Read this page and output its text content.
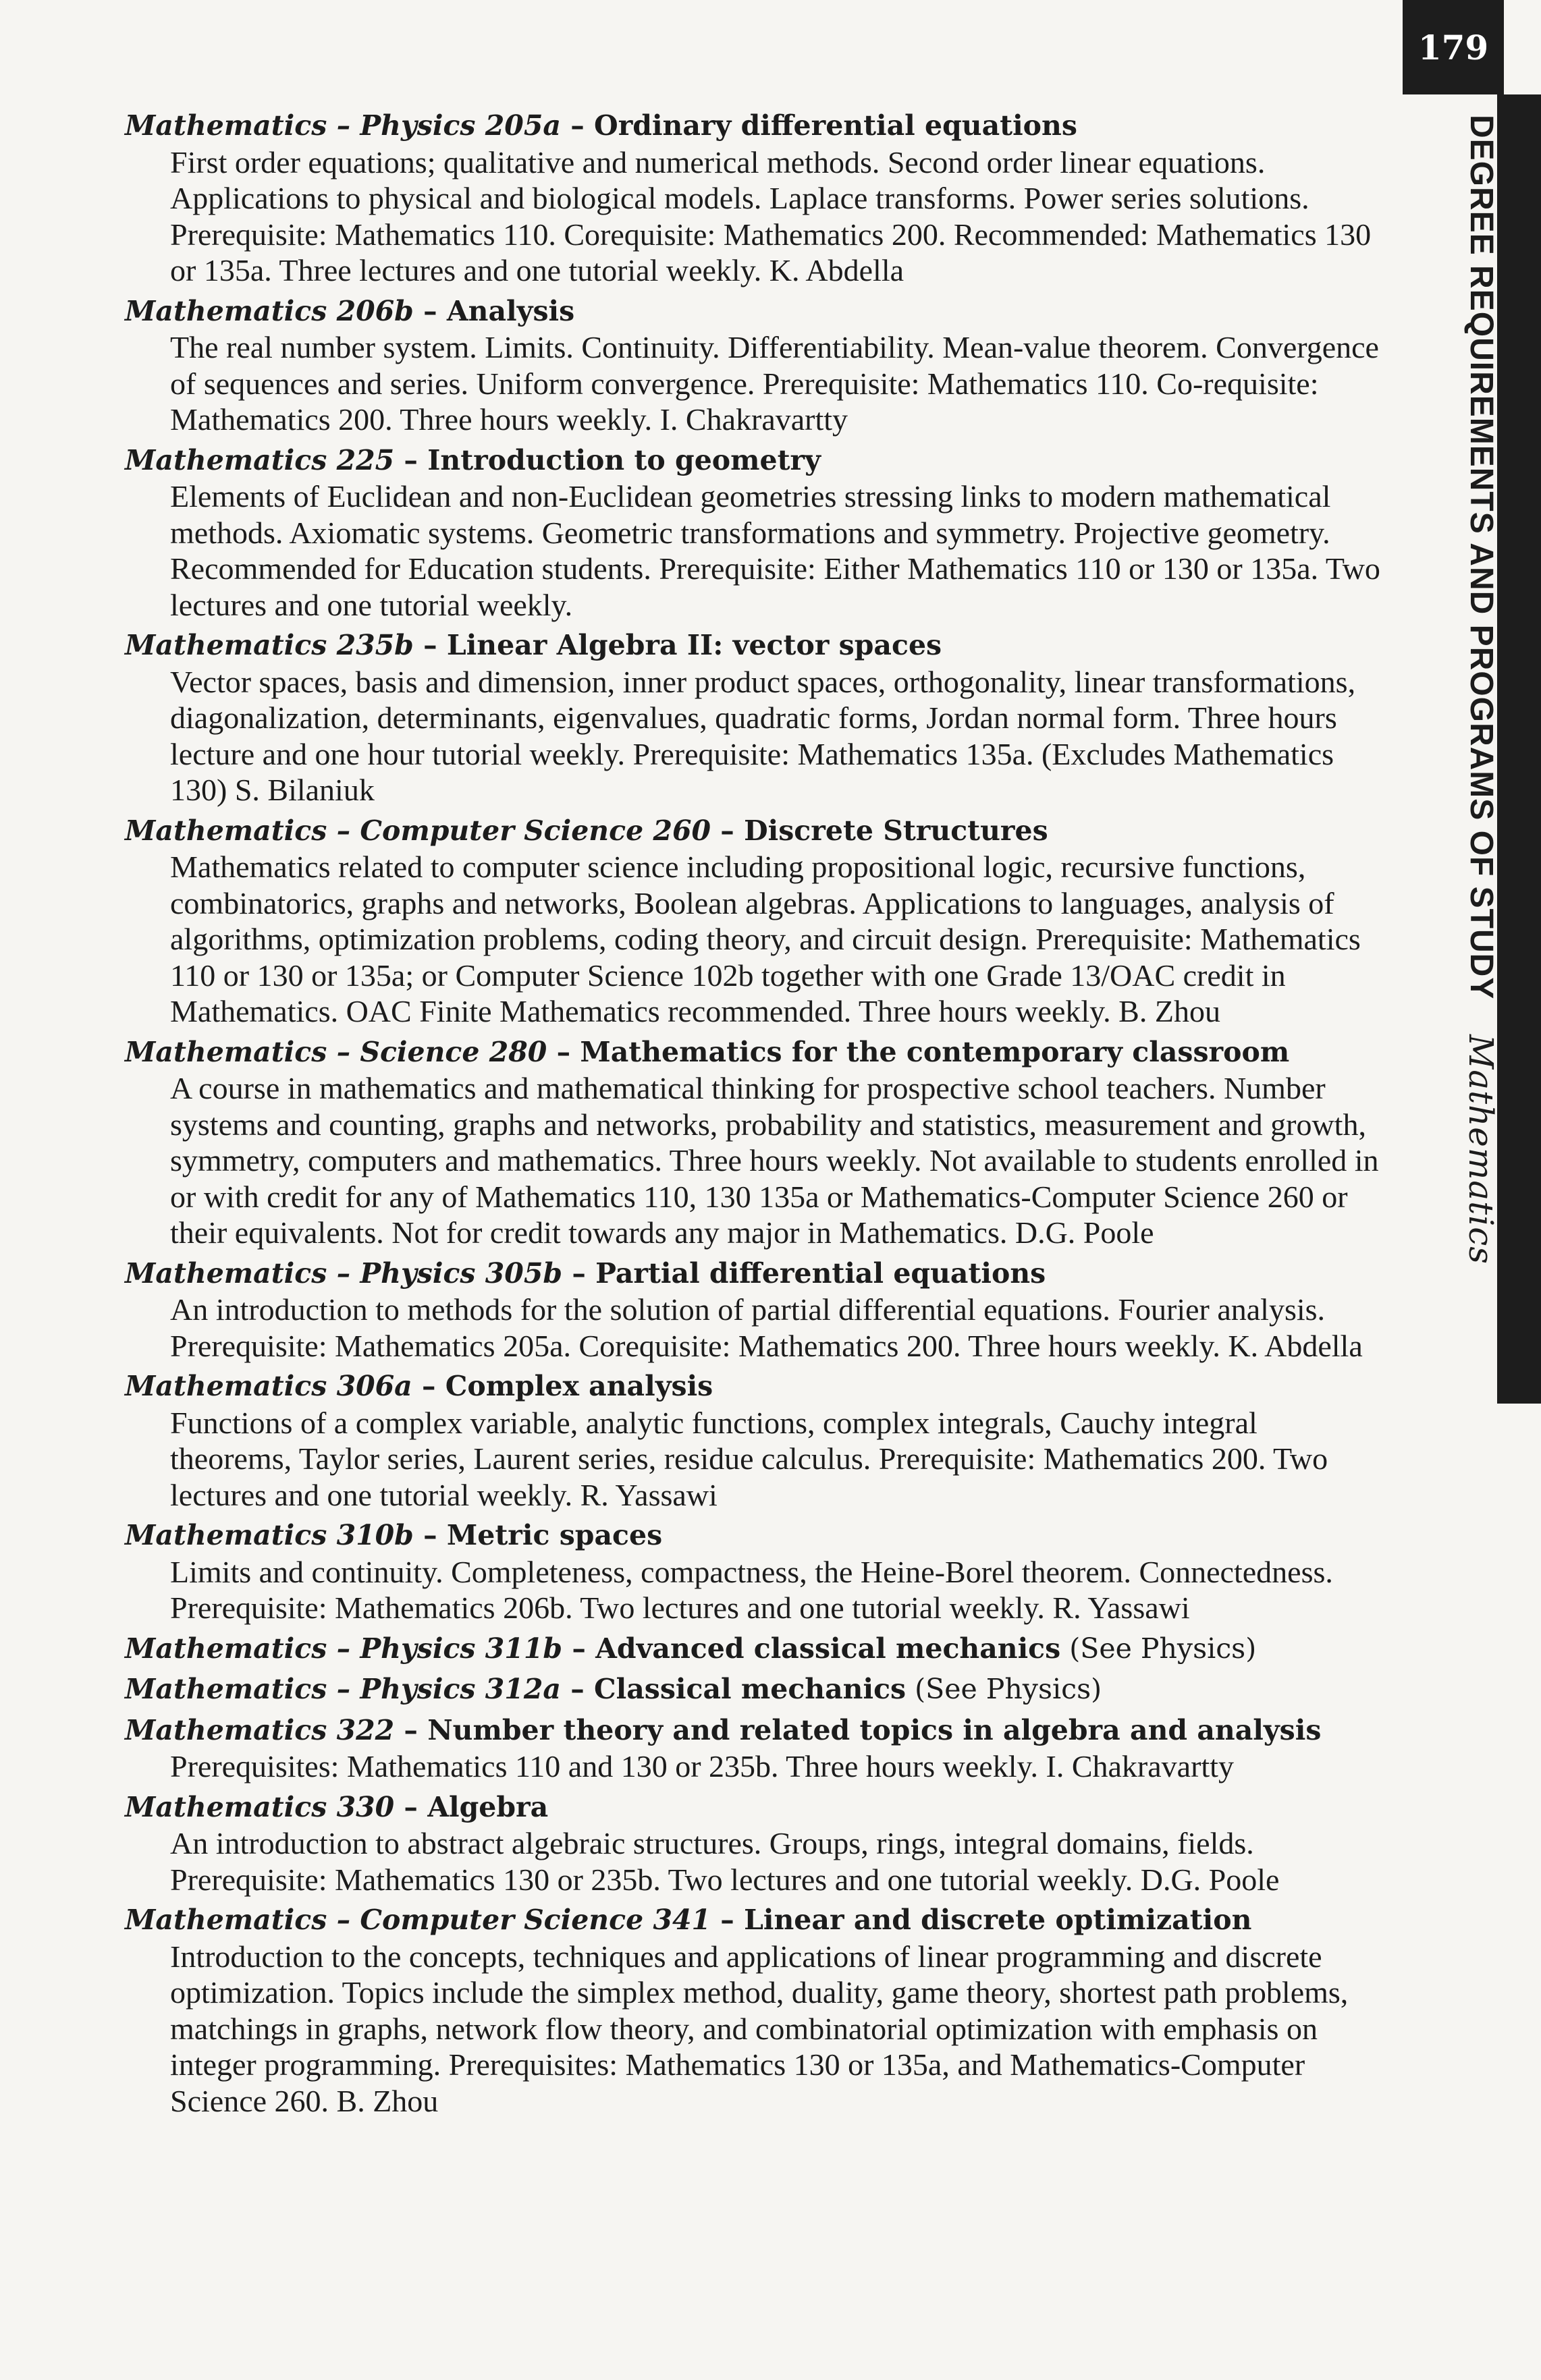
179
DEGREE REQUIREMENTS AND PROGRAMS OF STUDY Mathematics
Mathematics – Physics 205a – Ordinary differential equations
First order equations; qualitative and numerical methods. Second order linear equations. Applications to physical and biological models. Laplace transforms. Power series solutions. Prerequisite: Mathematics 110. Corequisite: Mathematics 200. Recommended: Mathematics 130 or 135a. Three lectures and one tutorial weekly. K. Abdella
Mathematics 206b – Analysis
The real number system. Limits. Continuity. Differentiability. Mean-value theorem. Convergence of sequences and series. Uniform convergence. Prerequisite: Mathematics 110. Co-requisite: Mathematics 200. Three hours weekly. I. Chakravartty
Mathematics 225 – Introduction to geometry
Elements of Euclidean and non-Euclidean geometries stressing links to modern mathematical methods. Axiomatic systems. Geometric transformations and symmetry. Projective geometry. Recommended for Education students. Prerequisite: Either Mathematics 110 or 130 or 135a. Two lectures and one tutorial weekly.
Mathematics 235b – Linear Algebra II: vector spaces
Vector spaces, basis and dimension, inner product spaces, orthogonality, linear transformations, diagonalization, determinants, eigenvalues, quadratic forms, Jordan normal form. Three hours lecture and one hour tutorial weekly. Prerequisite: Mathematics 135a. (Excludes Mathematics 130) S. Bilaniuk
Mathematics – Computer Science 260 – Discrete Structures
Mathematics related to computer science including propositional logic, recursive functions, combinatorics, graphs and networks, Boolean algebras. Applications to languages, analysis of algorithms, optimization problems, coding theory, and circuit design. Prerequisite: Mathematics 110 or 130 or 135a; or Computer Science 102b together with one Grade 13/OAC credit in Mathematics. OAC Finite Mathematics recommended. Three hours weekly. B. Zhou
Mathematics – Science 280 – Mathematics for the contemporary classroom
A course in mathematics and mathematical thinking for prospective school teachers. Number systems and counting, graphs and networks, probability and statistics, measurement and growth, symmetry, computers and mathematics. Three hours weekly. Not available to students enrolled in or with credit for any of Mathematics 110, 130 135a or Mathematics-Computer Science 260 or their equivalents. Not for credit towards any major in Mathematics. D.G. Poole
Mathematics – Physics 305b – Partial differential equations
An introduction to methods for the solution of partial differential equations. Fourier analysis. Prerequisite: Mathematics 205a. Corequisite: Mathematics 200. Three hours weekly. K. Abdella
Mathematics 306a – Complex analysis
Functions of a complex variable, analytic functions, complex integrals, Cauchy integral theorems, Taylor series, Laurent series, residue calculus. Prerequisite: Mathematics 200. Two lectures and one tutorial weekly. R. Yassawi
Mathematics 310b – Metric spaces
Limits and continuity. Completeness, compactness, the Heine-Borel theorem. Connectedness. Prerequisite: Mathematics 206b. Two lectures and one tutorial weekly. R. Yassawi
Mathematics – Physics 311b – Advanced classical mechanics (See Physics)
Mathematics – Physics 312a – Classical mechanics (See Physics)
Mathematics 322 – Number theory and related topics in algebra and analysis
Prerequisites: Mathematics 110 and 130 or 235b. Three hours weekly. I. Chakravartty
Mathematics 330 – Algebra
An introduction to abstract algebraic structures. Groups, rings, integral domains, fields. Prerequisite: Mathematics 130 or 235b. Two lectures and one tutorial weekly. D.G. Poole
Mathematics – Computer Science 341 – Linear and discrete optimization
Introduction to the concepts, techniques and applications of linear programming and discrete optimization. Topics include the simplex method, duality, game theory, shortest path problems, matchings in graphs, network flow theory, and combinatorial optimization with emphasis on integer programming. Prerequisites: Mathematics 130 or 135a, and Mathematics-Computer Science 260. B. Zhou
